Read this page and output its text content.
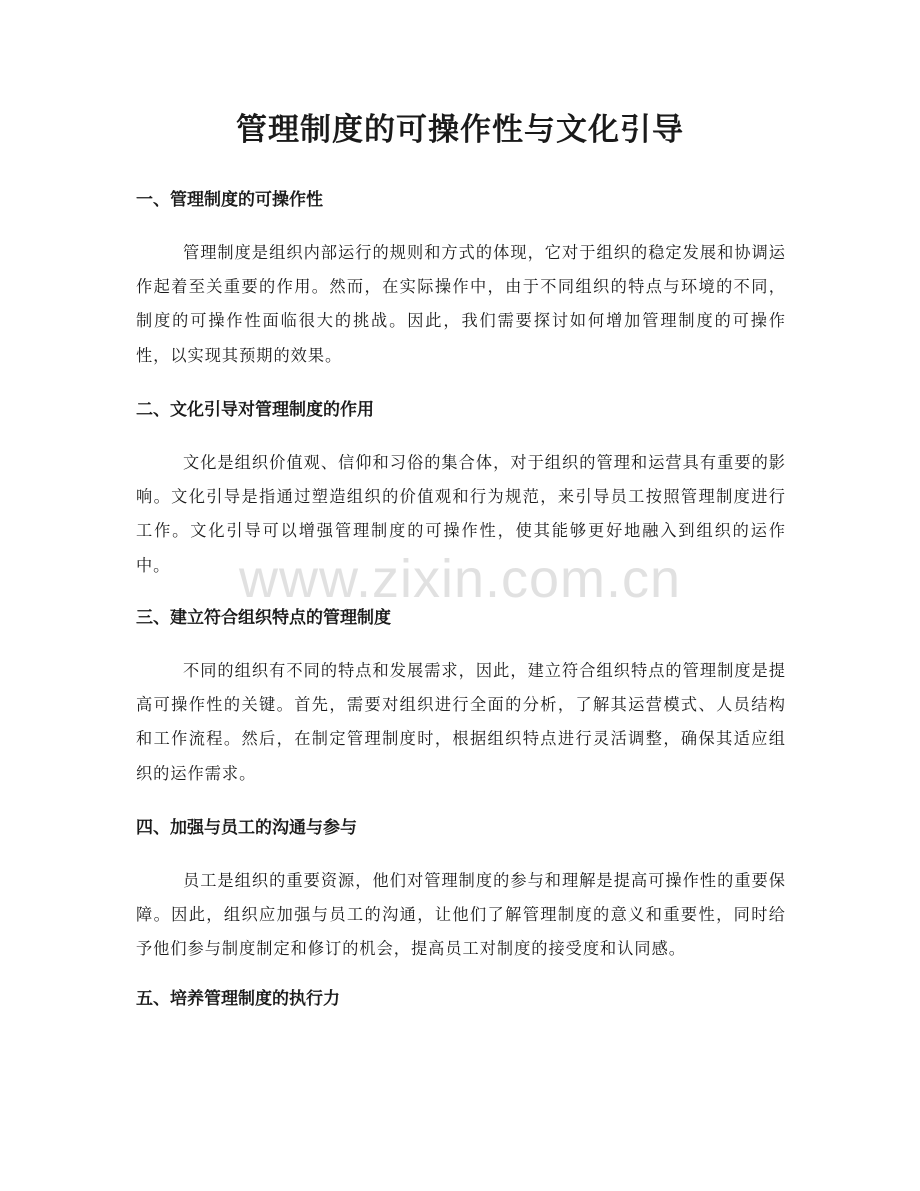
管理制度的可操作性与文化引导
一、管理制度的可操作性

管理制度是组织内部运行的规则和方式的体现，它对于组织的稳定发展和协调运作起着至关重要的作用。然而，在实际操作中，由于不同组织的特点与环境的不同，制度的可操作性面临很大的挑战。因此，我们需要探讨如何增加管理制度的可操作性，以实现其预期的效果。

二、文化引导对管理制度的作用

文化是组织价值观、信仰和习俗的集合体，对于组织的管理和运营具有重要的影响。文化引导是指通过塑造组织的价值观和行为规范，来引导员工按照管理制度进行工作。文化引导可以增强管理制度的可操作性，使其能够更好地融入到组织的运作中。

三、建立符合组织特点的管理制度

不同的组织有不同的特点和发展需求，因此，建立符合组织特点的管理制度是提高可操作性的关键。首先，需要对组织进行全面的分析，了解其运营模式、人员结构和工作流程。然后，在制定管理制度时，根据组织特点进行灵活调整，确保其适应组织的运作需求。

四、加强与员工的沟通与参与

员工是组织的重要资源，他们对管理制度的参与和理解是提高可操作性的重要保障。因此，组织应加强与员工的沟通，让他们了解管理制度的意义和重要性，同时给予他们参与制度制定和修订的机会，提高员工对制度的接受度和认同感。

五、培养管理制度的执行力
www.zixin.com.cn
